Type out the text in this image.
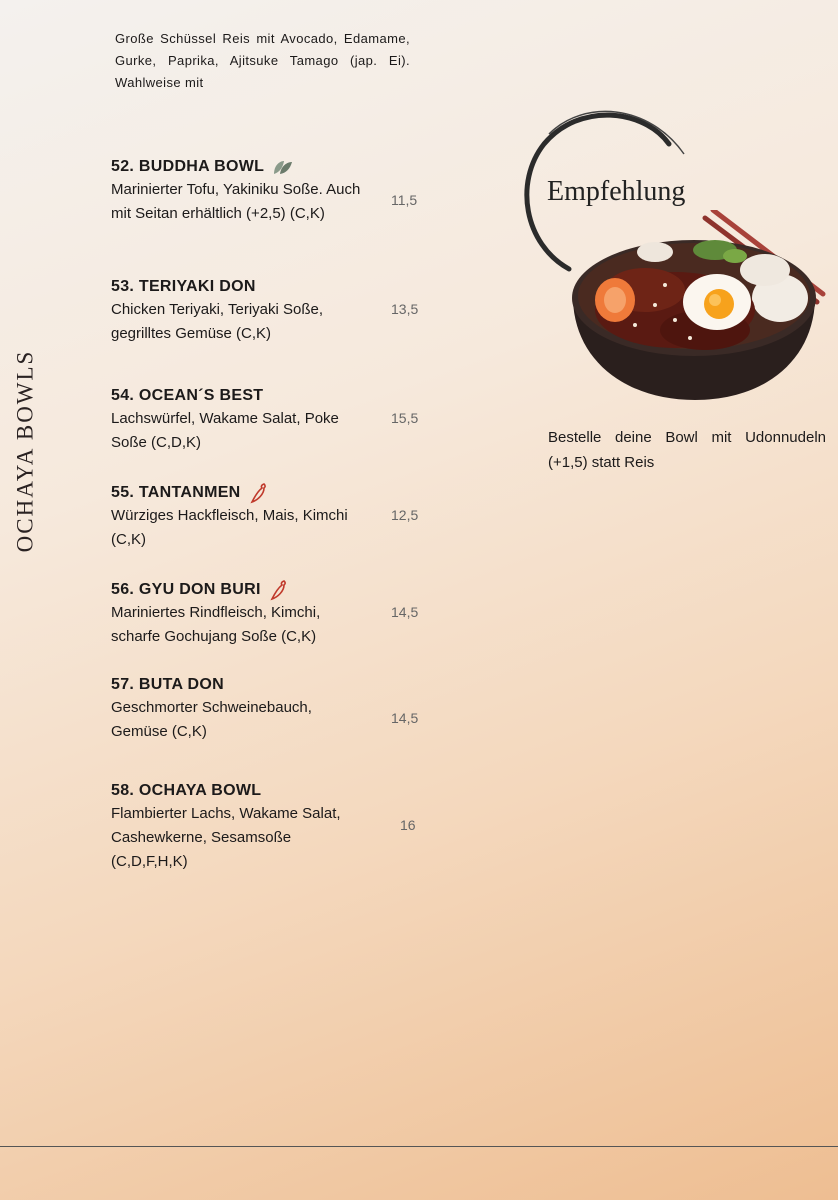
OCHAYA BOWLS
Große Schüssel Reis mit Avocado, Edamame, Gurke, Paprika, Ajitsuke Tamago (jap. Ei). Wahlweise mit
52. BUDDHA BOWL
Marinierter Tofu, Yakiniku Soße. Auch mit Seitan erhältlich (+2,5) (C,K)
11,5
53. TERIYAKI DON
Chicken Teriyaki, Teriyaki Soße, gegrilltes Gemüse (C,K)
13,5
54. OCEAN´S BEST
Lachswürfel, Wakame Salat, Poke Soße (C,D,K)
15,5
55. TANTANMEN
Würziges Hackfleisch, Mais, Kimchi (C,K)
12,5
56. GYU DON BURI
Mariniertes Rindfleisch, Kimchi, scharfe Gochujang Soße (C,K)
14,5
57. BUTA DON
Geschmorter Schweinebauch, Gemüse (C,K)
14,5
58. OCHAYA BOWL
Flambierter Lachs, Wakame Salat, Cashewkerne, Sesamsoße (C,D,F,H,K)
16
Empfehlung
Bestelle deine Bowl mit Udonnudeln (+1,5) statt Reis
